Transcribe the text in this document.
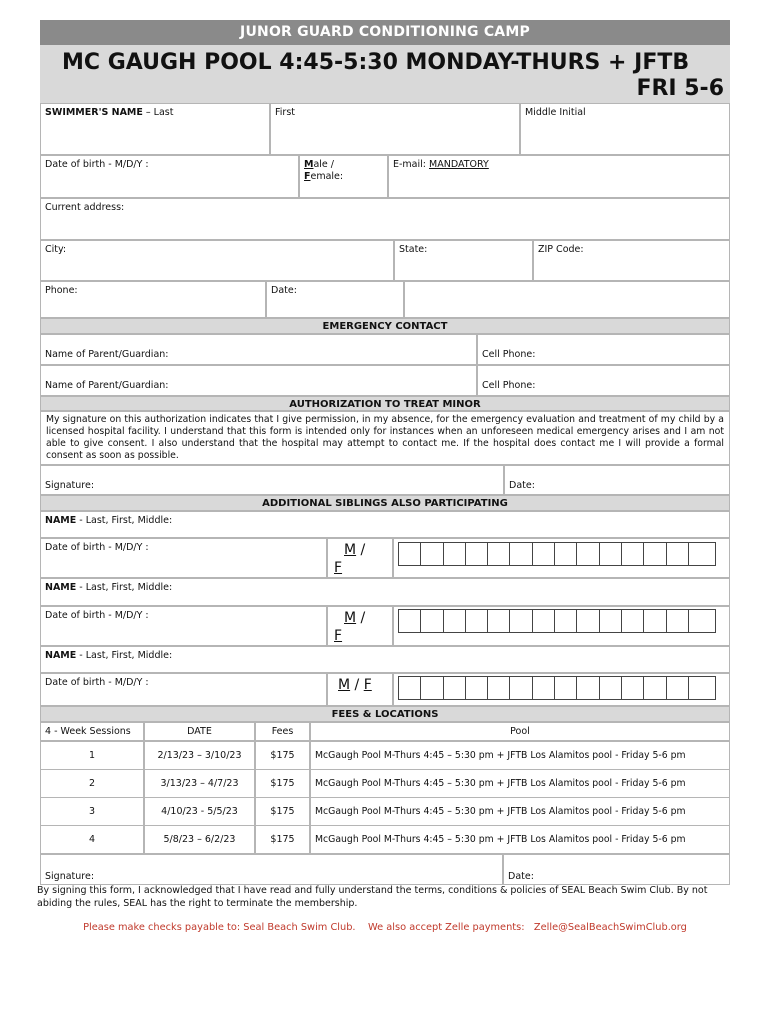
JUNOR GUARD CONDITIONING CAMP
MC GAUGH POOL 4:45-5:30 MONDAY-THURS + JFTB
FRI 5-6
SWIMMER'S NAME – Last	First	Middle Initial
Date of birth - M/D/Y :	Male /
Female:
E-mail: MANDATORY
Current address:
City:	State:	ZIP Code:
Phone:	Date:
EMERGENCY CONTACT
Name of Parent/Guardian:	Cell Phone:
Name of Parent/Guardian:	Cell Phone:
AUTHORIZATION TO TREAT MINOR
My signature on this authorization indicates that I give permission, in my absence, for the emergency evaluation and treatment of my child by a licensed hospital facility. I understand that this form is intended only for instances when an unforeseen medical emergency arises and I am not able to give consent. I also understand that the hospital may attempt to contact me. If the hospital does contact me I will provide a formal consent as soon as possible.
Signature:	Date:
ADDITIONAL SIBLINGS ALSO PARTICIPATING
NAME - Last, First, Middle:
Date of birth - M/D/Y :	M /
F
NAME - Last, First, Middle:
Date of birth - M/D/Y :	M /
F
NAME - Last, First, Middle:
Date of birth - M/D/Y :	M / F
FEES & LOCATIONS
4 - Week Sessions	DATE	Fees	Pool
1	2/13/23 – 3/10/23	$175	McGaugh Pool M-Thurs 4:45 – 5:30 pm + JFTB Los Alamitos pool - Friday 5-6 pm
2	3/13/23 – 4/7/23	$175	McGaugh Pool M-Thurs 4:45 – 5:30 pm + JFTB Los Alamitos pool - Friday 5-6 pm
3	4/10/23 - 5/5/23	$175	McGaugh Pool M-Thurs 4:45 – 5:30 pm + JFTB Los Alamitos pool - Friday 5-6 pm
4	5/8/23 – 6/2/23	$175	McGaugh Pool M-Thurs 4:45 – 5:30 pm + JFTB Los Alamitos pool - Friday 5-6 pm
Signature:	Date:
By signing this form, I acknowledged that I have read and fully understand the terms, conditions & policies of SEAL Beach Swim Club. By not abiding the rules, SEAL has the right to terminate the membership.
Please make checks payable to: Seal Beach Swim Club.    We also accept Zelle payments:   Zelle@SealBeachSwimClub.org
